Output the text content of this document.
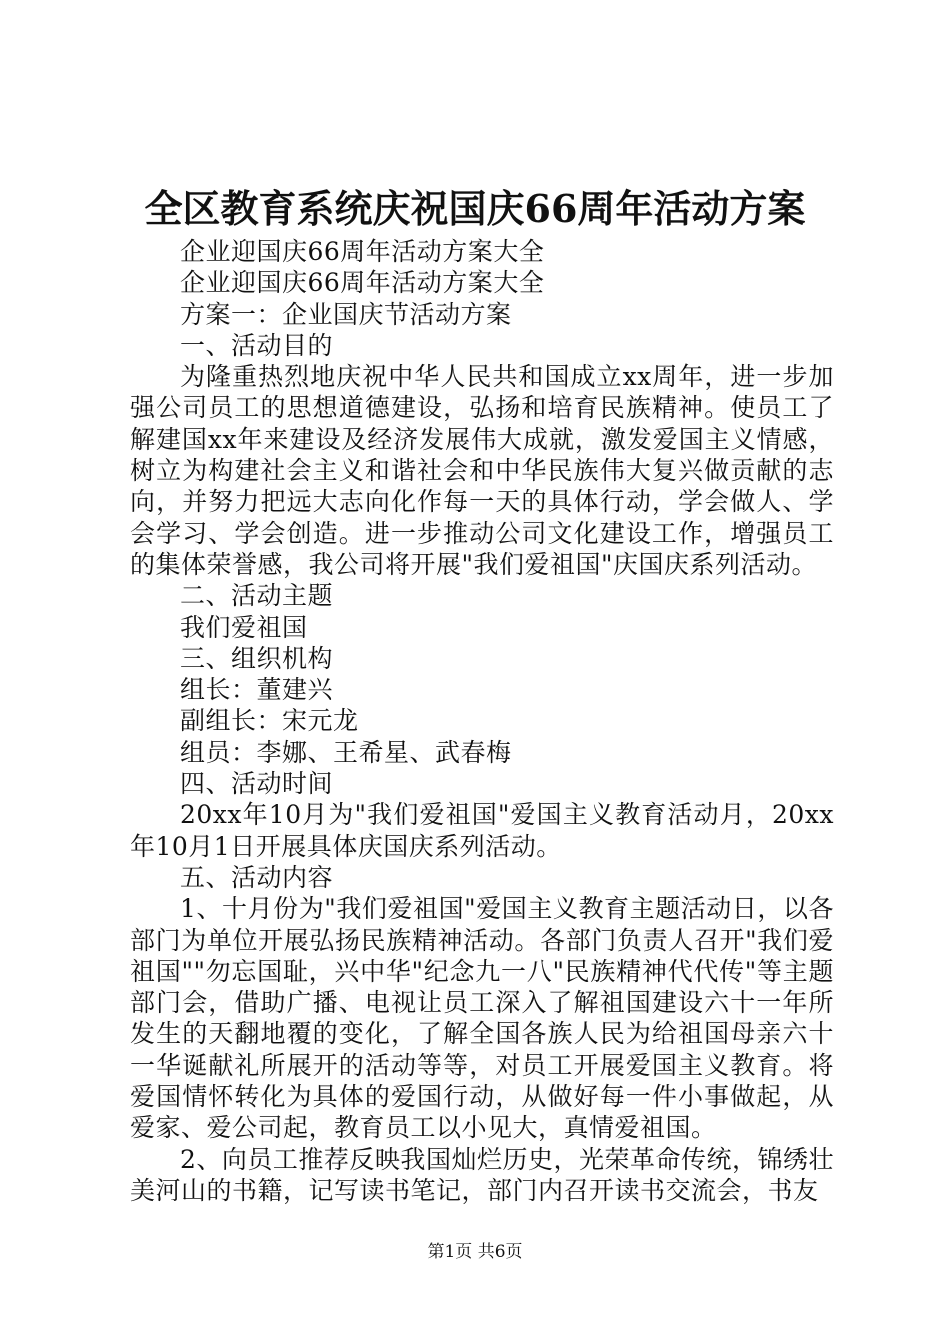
全区教育系统庆祝国庆66周年活动方案

企业迎国庆66周年活动方案大全

企业迎国庆66周年活动方案大全

方案一：企业国庆节活动方案

一、活动目的

为隆重热烈地庆祝中华人民共和国成立xx周年，进一步加强公司员工的思想道德建设，弘扬和培育民族精神。使员工了解建国xx年来建设及经济发展伟大成就，激发爱国主义情感，树立为构建社会主义和谐社会和中华民族伟大复兴做贡献的志向，并努力把远大志向化作每一天的具体行动，学会做人、学会学习、学会创造。进一步推动公司文化建设工作，增强员工的集体荣誉感，我公司将开展"我们爱祖国"庆国庆系列活动。

二、活动主题

我们爱祖国

三、组织机构

组长：董建兴

副组长：宋元龙

组员：李娜、王希星、武春梅

四、活动时间

20xx年10月为"我们爱祖国"爱国主义教育活动月，20xx年10月1日开展具体庆国庆系列活动。

五、活动内容

1、十月份为"我们爱祖国"爱国主义教育主题活动日，以各部门为单位开展弘扬民族精神活动。各部门负责人召开"我们爱祖国""勿忘国耻，兴中华"纪念九一八"民族精神代代传"等主题部门会，借助广播、电视让员工深入了解祖国建设六十一年所发生的天翻地覆的变化，了解全国各族人民为给祖国母亲六十一华诞献礼所展开的活动等等，对员工开展爱国主义教育。将爱国情怀转化为具体的爱国行动，从做好每一件小事做起，从爱家、爱公司起，教育员工以小见大，真情爱祖国。

2、向员工推荐反映我国灿烂历史，光荣革命传统，锦绣壮美河山的书籍，记写读书笔记，部门内召开读书交流会，书友

第1页 共6页
